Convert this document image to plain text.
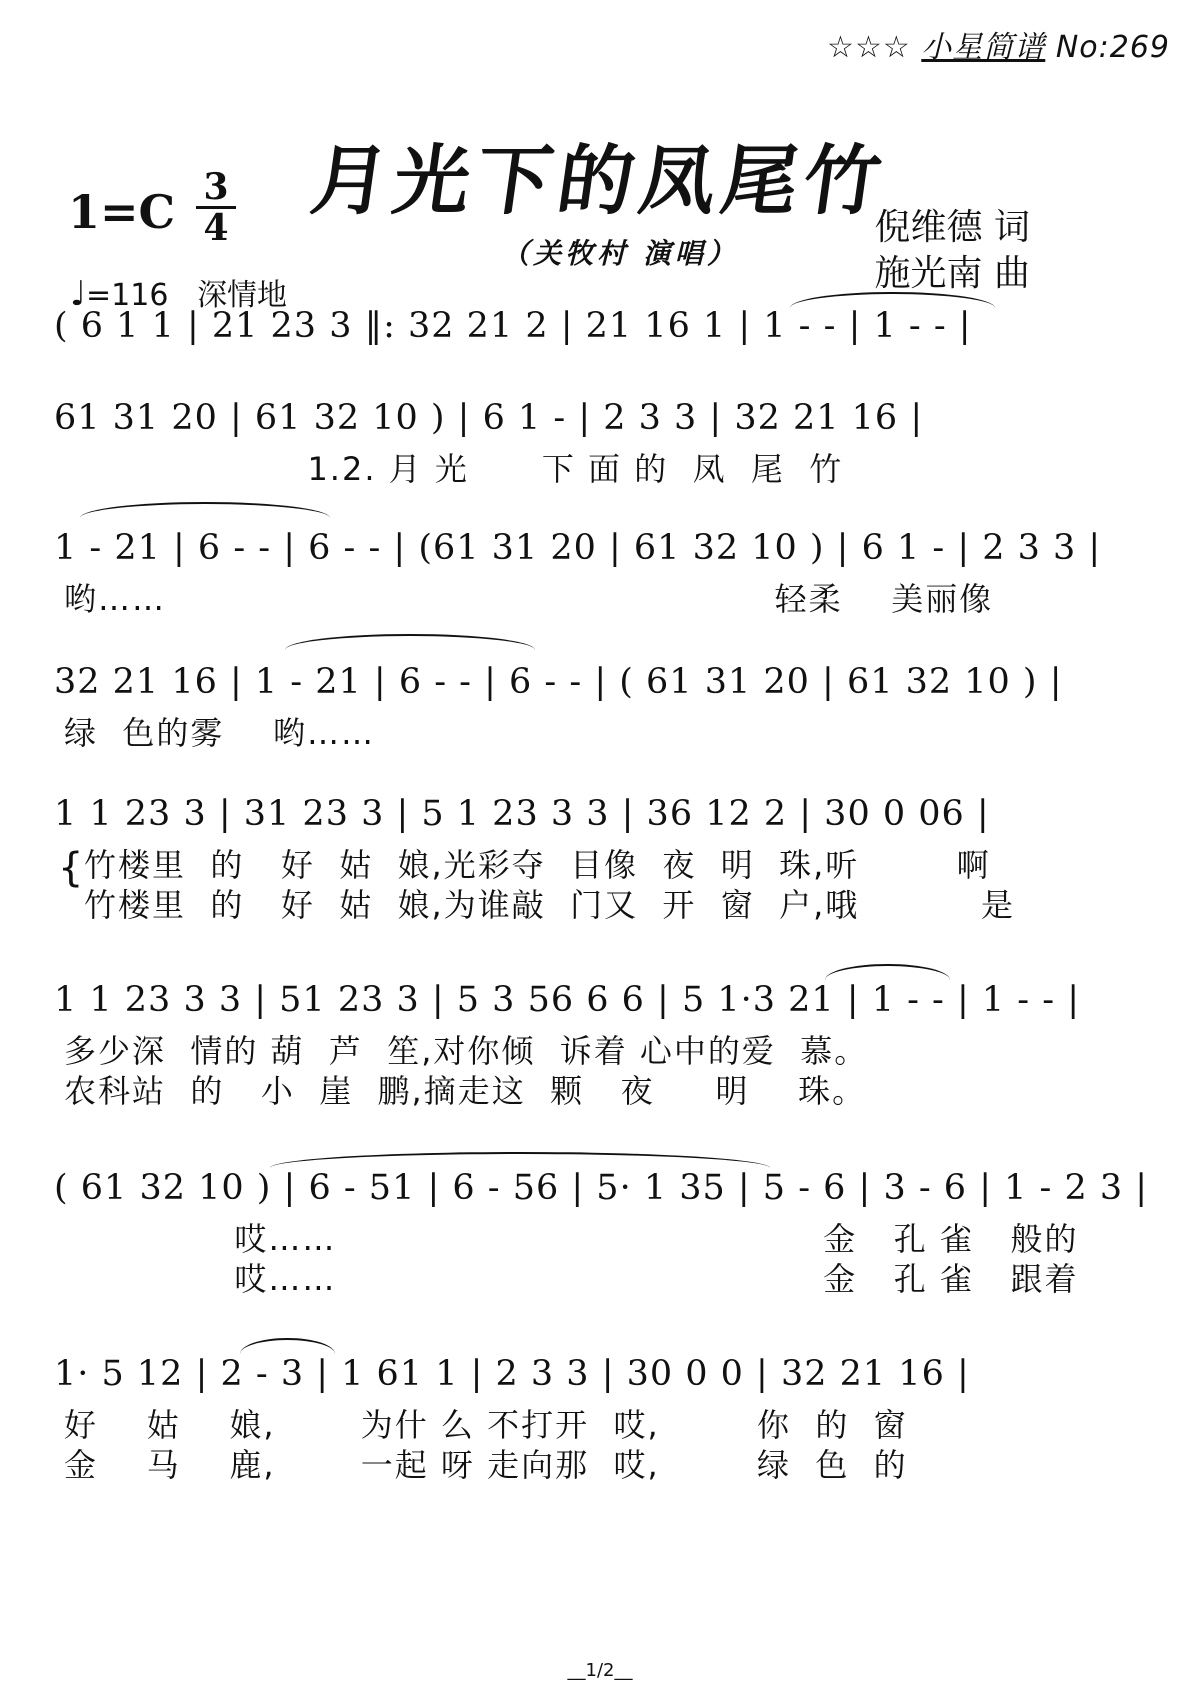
☆☆☆ 小星简谱 No:269
月光下的凤尾竹
（关牧村 演唱）
1=C 3
4
♩=116 深情地
倪维德 词
施光南 曲
( 6 1 1 | 21 23 3 ‖: 32 21 2 | 21 16 1 | 1 - - | 1 - - |
61 31 20 | 61 32 10 ) | 6 1 - | 2 3 3 | 32 21 16 |
1.2. 月 光      下 面 的  凤  尾  竹
1 - 21 | 6 - - | 6 - - | (61 31 20 | 61 32 10 ) | 6 1 - | 2 3 3 |
哟……                                                  轻柔    美丽像
32 21 16 | 1 - 21 | 6 - - | 6 - - | ( 61 31 20 | 61 32 10 ) |
绿  色的雾    哟……
1 1 23 3 | 31 23 3 | 5 1 23 3 3 | 36 12 2 | 30 0 06 |
{ 竹楼里  的   好  姑  娘,光彩夺  目像  夜  明  珠,听        啊
竹楼里  的   好  姑  娘,为谁敲  门又  开  窗  户,哦          是
1 1 23 3 3 | 51 23 3 | 5 3 56 6 6 | 5 1·3 21 | 1 - - | 1 - - |
多少深  情的 葫  芦  笙,对你倾  诉着 心中的爱  慕。
农科站  的   小  崖  鹏,摘走这  颗   夜     明    珠。
( 61 32 10 ) | 6 - 51 | 6 - 56 | 5· 1 35 | 5 - 6 | 3 - 6 | 1 - 2 3 |
哎……                                        金   孔 雀   般的
哎……                                        金   孔 雀   跟着
1· 5 12 | 2 - 3 | 1 61 1 | 2 3 3 | 30 0 0 | 32 21 16 |
好    姑    娘,       为什 么 不打开  哎,        你  的  窗
金    马    鹿,       一起 呀 走向那  哎,        绿  色  的
__1/2__
